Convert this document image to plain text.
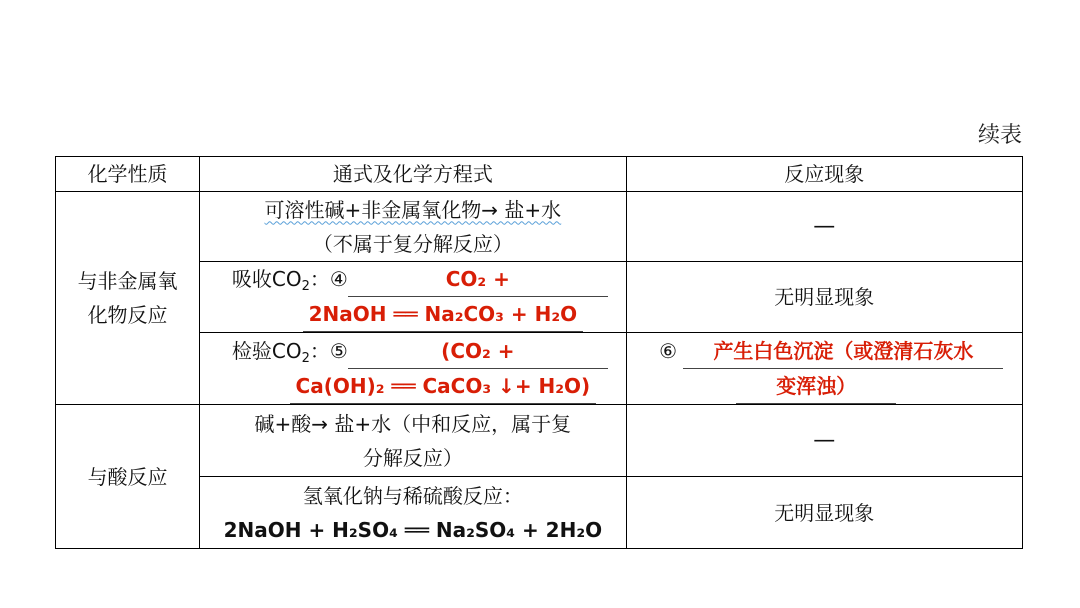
续表
化学性质	通式及化学方程式	反应现象
与非金属氧化物反应	可溶性碱+非金属氧化物→ 盐+水
（不属于复分解反应）	—

	吸收$CO_2$：④ CO₂ +
2NaOH ══ Na₂CO₃ + H₂O	无明显现象

	检验$CO_2$：⑤ (CO₂ +
Ca(OH)₂ ══ CaCO₃ ↓+ H₂O)	⑥ 产生白色沉淀（或澄清石灰水
变浑浊）

与酸反应	碱+酸→ 盐+水（中和反应，属于复
分解反应）	—

	氢氧化钠与稀硫酸反应：
2NaOH + H₂SO₄ ══ Na₂SO₄ + 2H₂O	无明显现象
